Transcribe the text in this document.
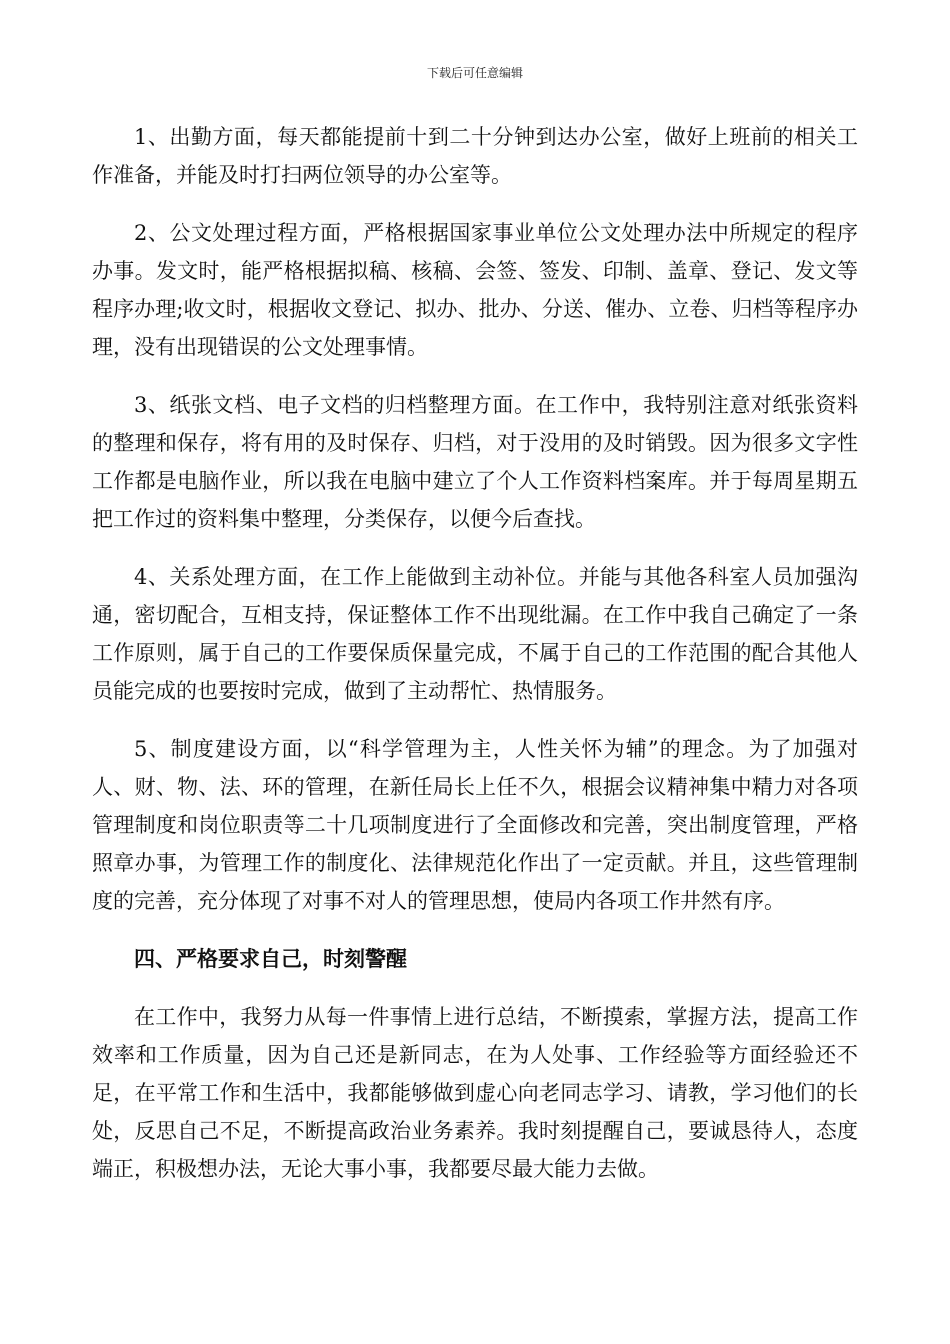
下载后可任意编辑

1、出勤方面，每天都能提前十到二十分钟到达办公室，做好上班前的相关工作准备，并能及时打扫两位领导的办公室等。

2、公文处理过程方面，严格根据国家事业单位公文处理办法中所规定的程序办事。发文时，能严格根据拟稿、核稿、会签、签发、印制、盖章、登记、发文等程序办理;收文时，根据收文登记、拟办、批办、分送、催办、立卷、归档等程序办理，没有出现错误的公文处理事情。

3、纸张文档、电子文档的归档整理方面。在工作中，我特别注意对纸张资料的整理和保存，将有用的及时保存、归档，对于没用的及时销毁。因为很多文字性工作都是电脑作业，所以我在电脑中建立了个人工作资料档案库。并于每周星期五把工作过的资料集中整理，分类保存，以便今后查找。

4、关系处理方面，在工作上能做到主动补位。并能与其他各科室人员加强沟通，密切配合，互相支持，保证整体工作不出现纰漏。在工作中我自己确定了一条工作原则，属于自己的工作要保质保量完成，不属于自己的工作范围的配合其他人员能完成的也要按时完成，做到了主动帮忙、热情服务。

5、制度建设方面，以“科学管理为主，人性关怀为辅”的理念。为了加强对人、财、物、法、环的管理，在新任局长上任不久，根据会议精神集中精力对各项管理制度和岗位职责等二十几项制度进行了全面修改和完善，突出制度管理，严格照章办事，为管理工作的制度化、法律规范化作出了一定贡献。并且，这些管理制度的完善，充分体现了对事不对人的管理思想，使局内各项工作井然有序。

四、严格要求自己，时刻警醒

在工作中，我努力从每一件事情上进行总结，不断摸索，掌握方法，提高工作效率和工作质量，因为自己还是新同志，在为人处事、工作经验等方面经验还不足，在平常工作和生活中，我都能够做到虚心向老同志学习、请教，学习他们的长处，反思自己不足，不断提高政治业务素养。我时刻提醒自己，要诚恳待人，态度端正，积极想办法，无论大事小事，我都要尽最大能力去做。
